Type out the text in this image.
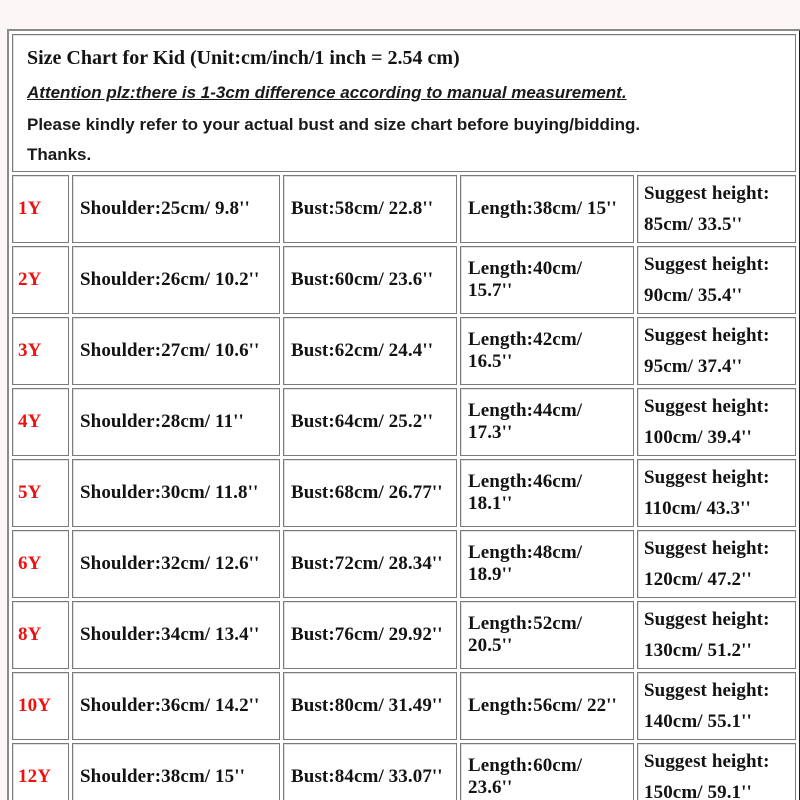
Size Chart for Kid (Unit:cm/inch/1 inch = 2.54 cm)
Attention plz:there is 1-3cm difference according to manual measurement.
Please kindly refer to your actual bust and size chart before buying/bidding.
Thanks.				

1Y	Shoulder:25cm/ 9.8''	Bust:58cm/ 22.8''	Length:38cm/ 15''	Suggest height:
85cm/ 33.5''

2Y	Shoulder:26cm/ 10.2''	Bust:60cm/ 23.6''	Length:40cm/ 15.7''	Suggest height:
90cm/ 35.4''

3Y	Shoulder:27cm/ 10.6''	Bust:62cm/ 24.4''	Length:42cm/ 16.5''	Suggest height:
95cm/ 37.4''

4Y	Shoulder:28cm/ 11''	Bust:64cm/ 25.2''	Length:44cm/ 17.3''	Suggest height:
100cm/ 39.4''

5Y	Shoulder:30cm/ 11.8''	Bust:68cm/ 26.77''	Length:46cm/ 18.1''	Suggest height:
110cm/ 43.3''

6Y	Shoulder:32cm/ 12.6''	Bust:72cm/ 28.34''	Length:48cm/ 18.9''	Suggest height:
120cm/ 47.2''

8Y	Shoulder:34cm/ 13.4''	Bust:76cm/ 29.92''	Length:52cm/ 20.5''	Suggest height:
130cm/ 51.2''

10Y	Shoulder:36cm/ 14.2''	Bust:80cm/ 31.49''	Length:56cm/ 22''	Suggest height:
140cm/ 55.1''

12Y	Shoulder:38cm/ 15''	Bust:84cm/ 33.07''	Length:60cm/ 23.6''	Suggest height:
150cm/ 59.1''
